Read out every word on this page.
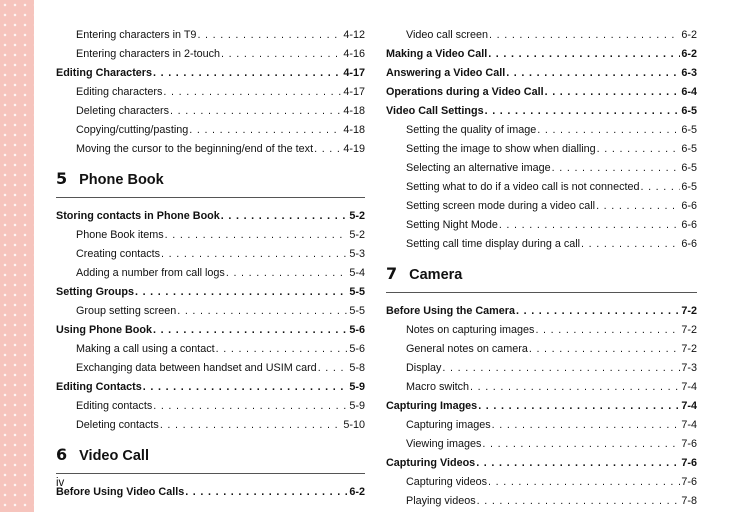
Entering characters in T9 . . .	4-12
Entering characters in 2-touch . . .	4-16
Editing Characters . . .	4-17
Editing characters . . .	4-17
Deleting characters . . .	4-18
Copying/cutting/pasting . . .	4-18
Moving the cursor to the beginning/end of the text . . .	4-19
5 Phone Book
Storing contacts in Phone Book . . .	5-2
Phone Book items . . .	5-2
Creating contacts . . .	5-3
Adding a number from call logs . . .	5-4
Setting Groups . . .	5-5
Group setting screen . . .	5-5
Using Phone Book . . .	5-6
Making a call using a contact . . .	5-6
Exchanging data between handset and USIM card . . .	5-8
Editing Contacts . . .	5-9
Editing contacts . . .	5-9
Deleting contacts . . .	5-10
6 Video Call
Before Using Video Calls . . .	6-2
Video call screen . . .	6-2
Making a Video Call . . .	6-2
Answering a Video Call . . .	6-3
Operations during a Video Call . . .	6-4
Video Call Settings . . .	6-5
Setting the quality of image . . .	6-5
Setting the image to show when dialling . . .	6-5
Selecting an alternative image . . .	6-5
Setting what to do if a video call is not connected . . .	6-5
Setting screen mode during a video call . . .	6-6
Setting Night Mode . . .	6-6
Setting call time display during a call . . .	6-6
7 Camera
Before Using the Camera . . .	7-2
Notes on capturing images . . .	7-2
General notes on camera . . .	7-2
Display . . .	7-3
Macro switch . . .	7-4
Capturing Images . . .	7-4
Capturing images . . .	7-4
Viewing images . . .	7-6
Capturing Videos . . .	7-6
Capturing videos . . .	7-6
Playing videos . . .	7-8
iv
